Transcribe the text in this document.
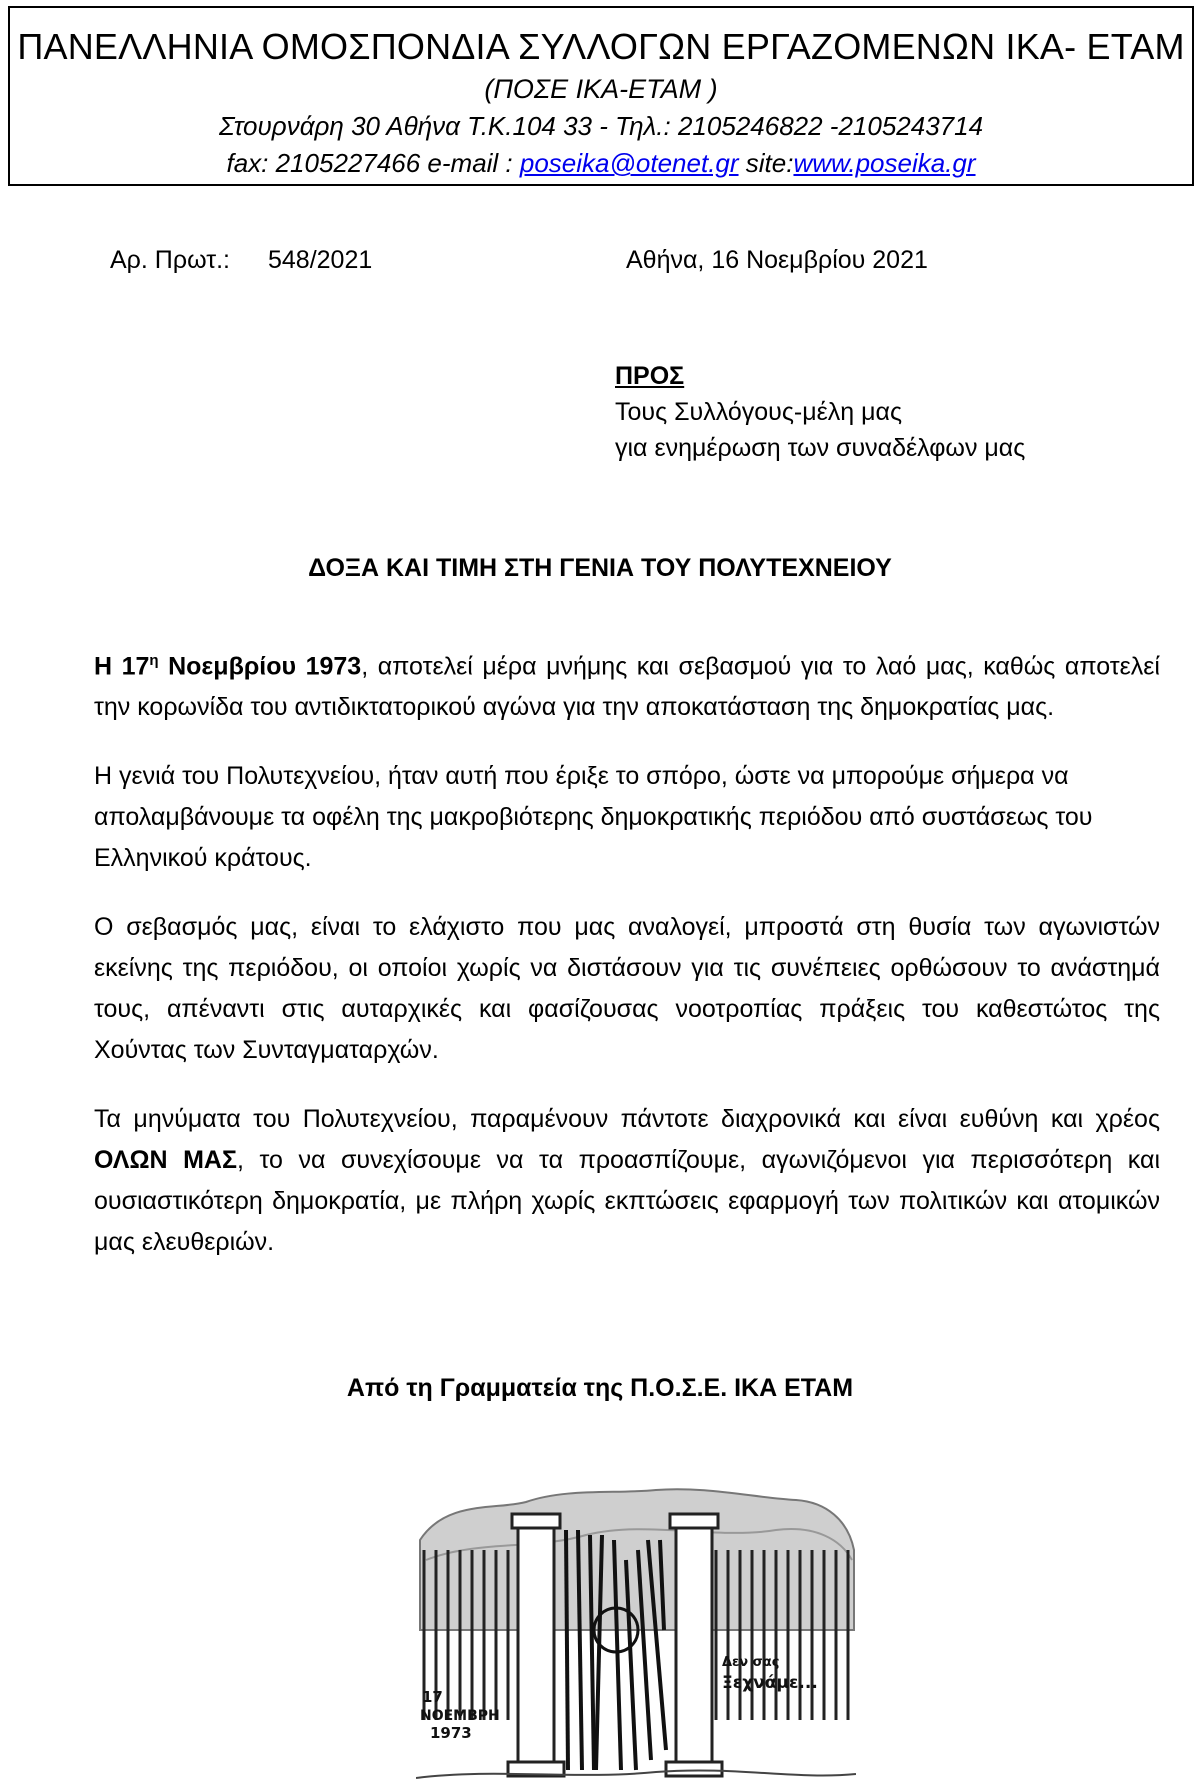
ΠΑΝΕΛΛΗΝΙΑ ΟΜΟΣΠΟΝΔΙΑ ΣΥΛΛΟΓΩΝ ΕΡΓΑΖΟΜΕΝΩΝ ΙΚΑ- ΕΤΑΜ
(ΠΟΣΕ ΙΚΑ-ΕΤΑΜ )
Στουρνάρη 30 Αθήνα Τ.Κ.104 33 - Τηλ.: 2105246822 -2105243714
fax: 2105227466 e-mail : poseika@otenet.gr site:www.poseika.gr
Αρ. Πρωτ.: 548/2021	Αθήνα, 16 Νοεμβρίου 2021
ΠΡΟΣ
Τους Συλλόγους-μέλη μας
για ενημέρωση των συναδέλφων μας
ΔΟΞΑ ΚΑΙ ΤΙΜΗ ΣΤΗ ΓΕΝΙΑ ΤΟΥ ΠΟΛΥΤΕΧΝΕΙΟΥ

Η $17^\eta$ Νοεμβρίου 1973, αποτελεί μέρα μνήμης και σεβασμού για το λαό μας, καθώς αποτελεί την κορωνίδα του αντιδικτατορικού αγώνα για την αποκατάσταση της δημοκρατίας μας.

Η γενιά του Πολυτεχνείου, ήταν αυτή που έριξε το σπόρο, ώστε να μπορούμε σήμερα να απολαμβάνουμε τα οφέλη της μακροβιότερης δημοκρατικής περιόδου από συστάσεως του Ελληνικού κράτους.

Ο σεβασμός μας, είναι το ελάχιστο που μας αναλογεί, μπροστά στη θυσία των αγωνιστών εκείνης της περιόδου, οι οποίοι χωρίς να διστάσουν για τις συνέπειες ορθώσουν το ανάστημά τους, απέναντι στις αυταρχικές και φασίζουσας νοοτροπίας πράξεις του καθεστώτος της Χούντας των Συνταγματαρχών.

Τα μηνύματα του Πολυτεχνείου, παραμένουν πάντοτε διαχρονικά και είναι ευθύνη και χρέος ΟΛΩΝ ΜΑΣ, το να συνεχίσουμε να τα προασπίζουμε, αγωνιζόμενοι για περισσότερη και ουσιαστικότερη δημοκρατία, με πλήρη χωρίς εκπτώσεις εφαρμογή των πολιτικών και ατομικών μας ελευθεριών.

Από τη Γραμματεία της Π.Ο.Σ.Ε. ΙΚΑ ΕΤΑΜ
17
ΝΟΕΜΒΡΗ
1973
Δεν σας
Ξεχνάμε...
